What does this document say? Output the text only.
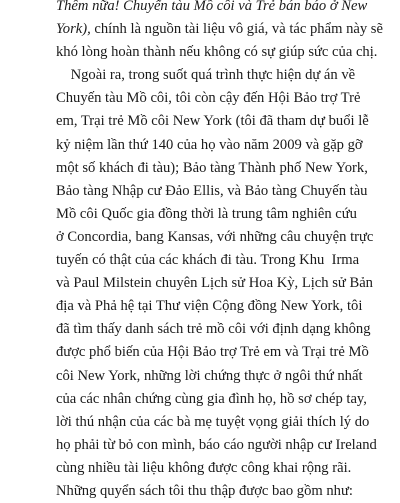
Thêm nữa! Chuyến tàu Mồ côi và Trẻ bán báo ở New
York), chính là nguồn tài liệu vô giá, và tác phẩm này sẽ
khó lòng hoàn thành nếu không có sự giúp sức của chị.
Ngoài ra, trong suốt quá trình thực hiện dự án về
Chuyến tàu Mồ côi, tôi còn cậy đến Hội Bảo trợ Trẻ
em, Trại trẻ Mồ côi New York (tôi đã tham dự buổi lễ
kỷ niệm lần thứ 140 của họ vào năm 2009 và gặp gỡ
một số khách đi tàu); Bảo tàng Thành phố New York,
Bảo tàng Nhập cư Đảo Ellis, và Bảo tàng Chuyến tàu
Mồ côi Quốc gia đồng thời là trung tâm nghiên cứu
ở Concordia, bang Kansas, với những câu chuyện trực
tuyến có thật của các khách đi tàu. Trong Khu  Irma
và Paul Milstein chuyên Lịch sử Hoa Kỳ, Lịch sử Bản
địa và Phả hệ tại Thư viện Cộng đồng New York, tôi
đã tìm thấy danh sách trẻ mồ côi với định dạng không
được phổ biến của Hội Bảo trợ Trẻ em và Trại trẻ Mồ
côi New York, những lời chứng thực ở ngôi thứ nhất
của các nhân chứng cùng gia đình họ, hồ sơ chép tay,
lời thú nhận của các bà mẹ tuyệt vọng giải thích lý do
họ phải từ bỏ con mình, báo cáo người nhập cư Ireland
cùng nhiều tài liệu không được công khai rộng rãi.
Những quyển sách tôi thu thập được bao gồm như:
